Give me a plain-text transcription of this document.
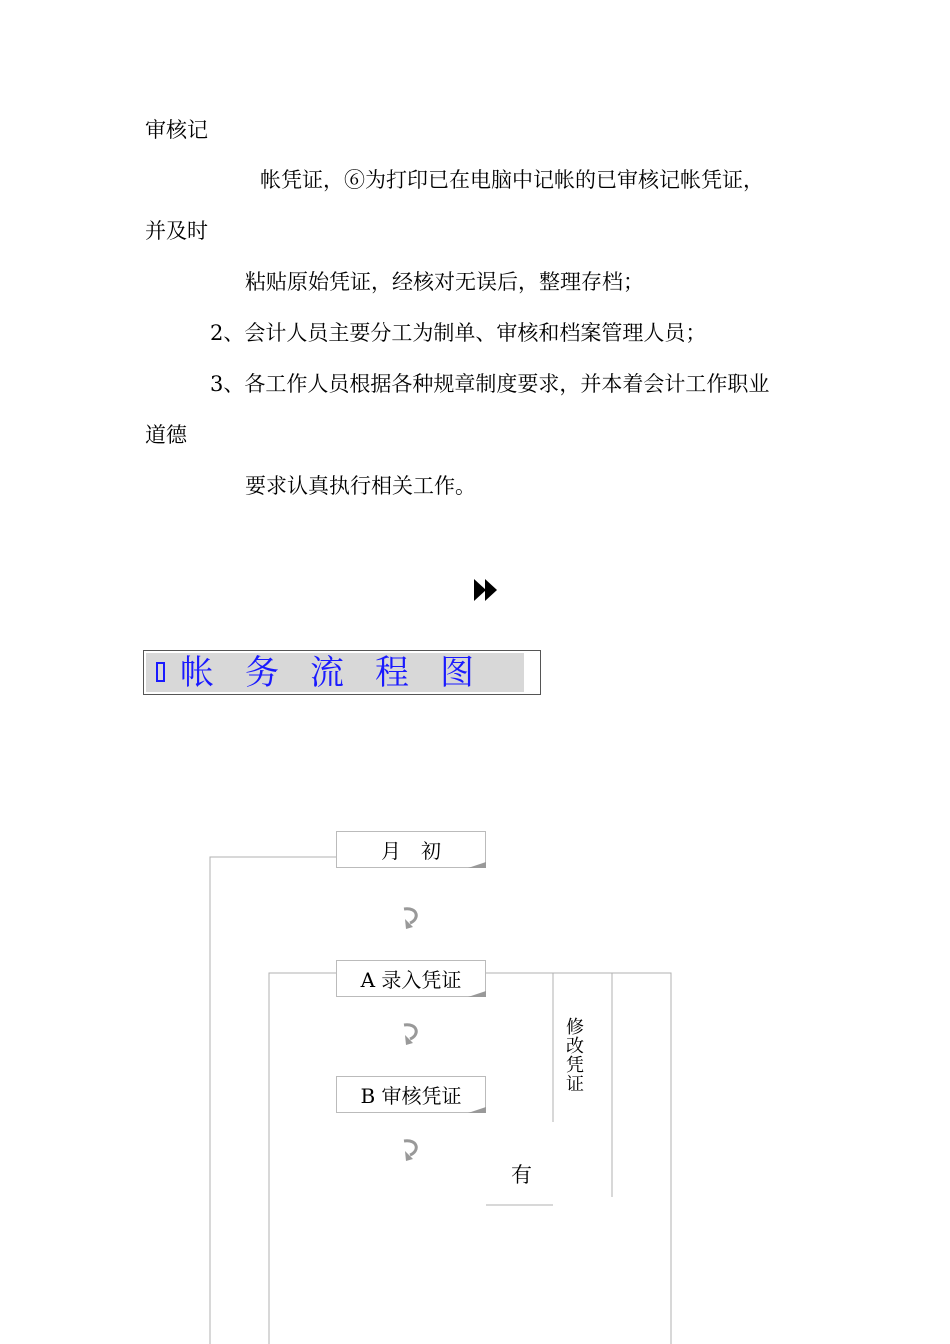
审核记
帐凭证，⑥为打印已在电脑中记帐的已审核记帐凭证，
并及时
粘贴原始凭证，经核对无误后，整理存档；
2、会计人员主要分工为制单、审核和档案管理人员；
3、各工作人员根据各种规章制度要求，并本着会计工作职业
道德
要求认真执行相关工作。
帐务流程图
月　初
A 录入凭证
B 审核凭证
修改凭证
有
